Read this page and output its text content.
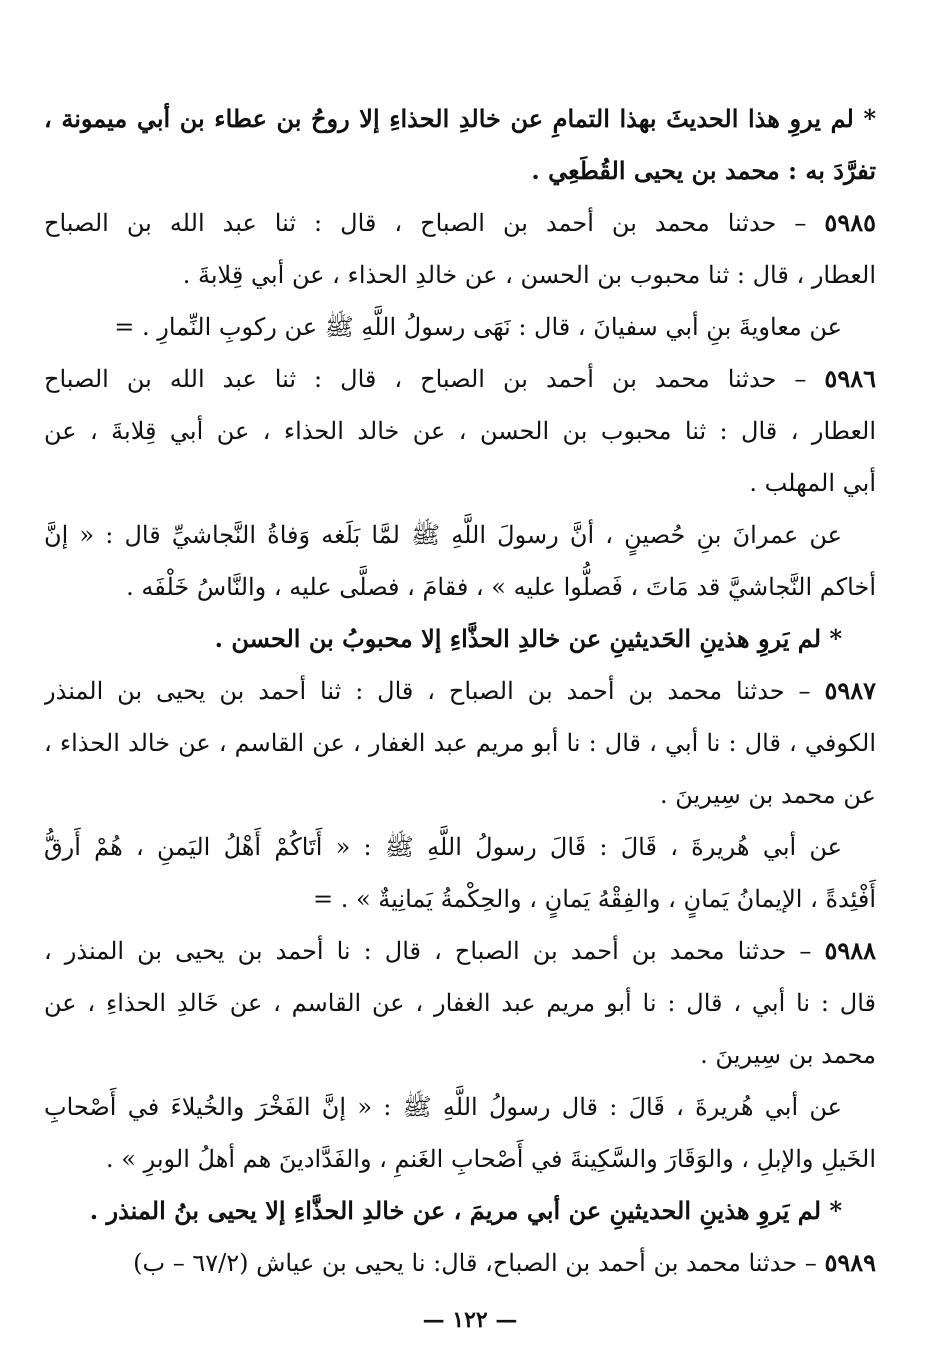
* لم يروِ هذا الحديثَ بهذا التمامِ عن خالدِ الحذاءِ إلا روحُ بن عطاء بن أبي ميمونة ،
تفرَّدَ به : محمد بن يحيى القُطَعِي .
٥٩٨٥ – حدثنا محمد بن أحمد بن الصباح ، قال : ثنا عبد الله بن الصباح
العطار ، قال : ثنا محبوب بن الحسن ، عن خالدِ الحذاء ، عن أبي قِلابةَ .
عن معاويةَ بنِ أبي سفيانَ ، قال : نَهَى رسولُ اللَّهِ ﷺ عن ركوبِ النِّمارِ . =
٥٩٨٦ – حدثنا محمد بن أحمد بن الصباح ، قال : ثنا عبد الله بن الصباح
العطار ، قال : ثنا محبوب بن الحسن ، عن خالد الحذاء ، عن أبي قِلابةَ ، عن
أبي المهلب .
عن عمرانَ بنِ حُصينٍ ، أنَّ رسولَ اللَّهِ ﷺ لمَّا بَلَغه وَفاةُ النَّجاشيِّ قال : « إنَّ
أخاكم النَّجاشيَّ قد مَاتَ ، فَصلُّوا عليه » ، فقامَ ، فصلَّى عليه ، والنَّاسُ خَلْفَه .
* لم يَروِ هذينِ الحَديثينِ عن خالدِ الحذَّاءِ إلا محبوبُ بن الحسن .
٥٩٨٧ – حدثنا محمد بن أحمد بن الصباح ، قال : ثنا أحمد بن يحيى بن المنذر
الكوفي ، قال : نا أبي ، قال : نا أبو مريم عبد الغفار ، عن القاسم ، عن خالد الحذاء ،
عن محمد بن سِيرينَ .
عن أبي هُريرةَ ، قَالَ : قَالَ رسولُ اللَّهِ ﷺ : « أَتَاكُمْ أَهْلُ اليَمنِ ، هُمْ أَرقُّ
أَفْئِدةً ، الإيمانُ يَمانٍ ، والفِقْهُ يَمانٍ ، والحِكْمةُ يَمانِيةٌ » . =
٥٩٨٨ – حدثنا محمد بن أحمد بن الصباح ، قال : نا أحمد بن يحيى بن المنذر ،
قال : نا أبي ، قال : نا أبو مريم عبد الغفار ، عن القاسم ، عن خَالدِ الحذاءِ ، عن
محمد بن سِيرينَ .
عن أبي هُريرةَ ، قَالَ : قال رسولُ اللَّهِ ﷺ : « إنَّ الفَخْرَ والخُيلاءَ في أَصْحابِ
الخَيلِ والإبلِ ، والوَقَارَ والسَّكِينةَ في أَصْحابِ الغَنمِ ، والفَدَّادينَ هم أهلُ الوبرِ » .
* لم يَروِ هذينِ الحديثينِ عن أبي مريمَ ، عن خالدِ الحذَّاءِ إلا يحيى بنُ المنذر .
٥٩٨٩ – حدثنا محمد بن أحمد بن الصباح، قال: نا يحيى بن عياش (٦٧/٢ – ب)
— ١٢٢ —
